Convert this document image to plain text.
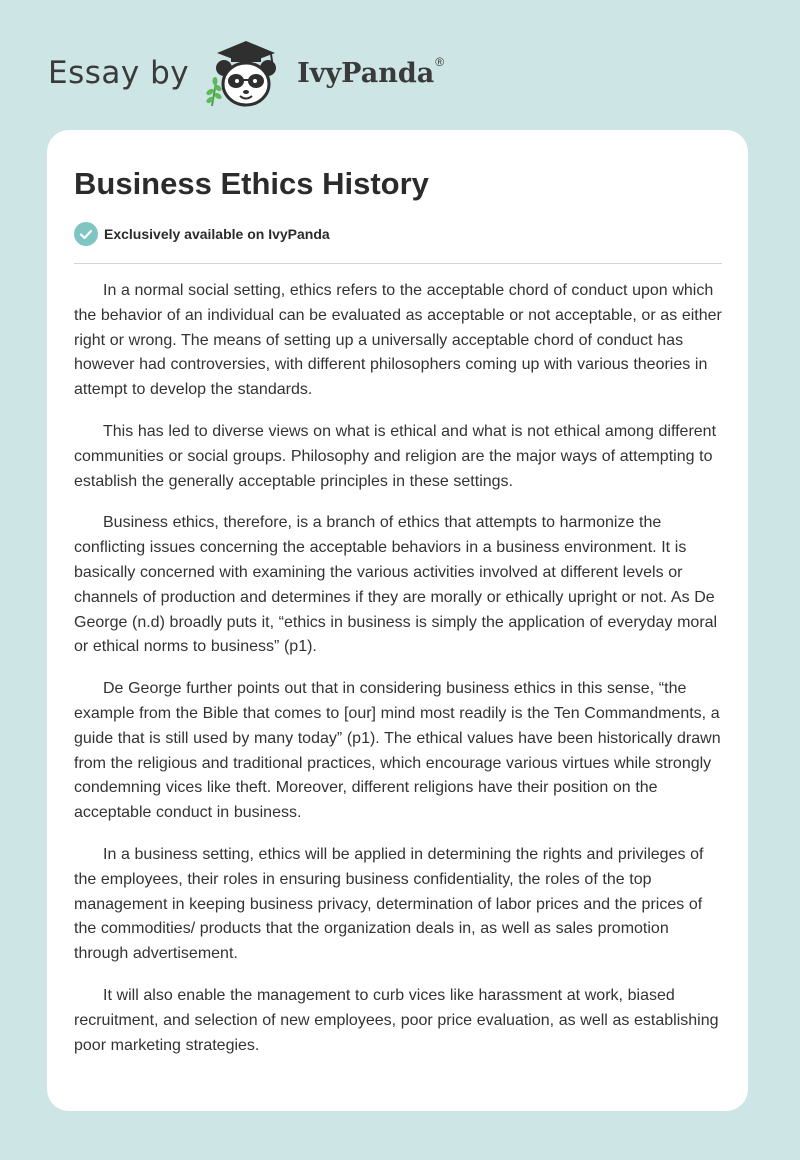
Essay by	IvyPanda ®
Business Ethics History
Exclusively available on IvyPanda

In a normal social setting, ethics refers to the acceptable chord of conduct upon which the behavior of an individual can be evaluated as acceptable or not acceptable, or as either right or wrong. The means of setting up a universally acceptable chord of conduct has however had controversies, with different philosophers coming up with various theories in attempt to develop the standards.

This has led to diverse views on what is ethical and what is not ethical among different communities or social groups. Philosophy and religion are the major ways of attempting to establish the generally acceptable principles in these settings.

Business ethics, therefore, is a branch of ethics that attempts to harmonize the conflicting issues concerning the acceptable behaviors in a business environment. It is basically concerned with examining the various activities involved at different levels or channels of production and determines if they are morally or ethically upright or not. As De George (n.d) broadly puts it, “ethics in business is simply the application of everyday moral or ethical norms to business” (p1).

De George further points out that in considering business ethics in this sense, “the example from the Bible that comes to [our] mind most readily is the Ten Commandments, a guide that is still used by many today” (p1). The ethical values have been historically drawn from the religious and traditional practices, which encourage various virtues while strongly condemning vices like theft. Moreover, different religions have their position on the acceptable conduct in business.

In a business setting, ethics will be applied in determining the rights and privileges of the employees, their roles in ensuring business confidentiality, the roles of the top management in keeping business privacy, determination of labor prices and the prices of the commodities/ products that the organization deals in, as well as sales promotion through advertisement.

It will also enable the management to curb vices like harassment at work, biased recruitment, and selection of new employees, poor price evaluation, as well as establishing poor marketing strategies.
